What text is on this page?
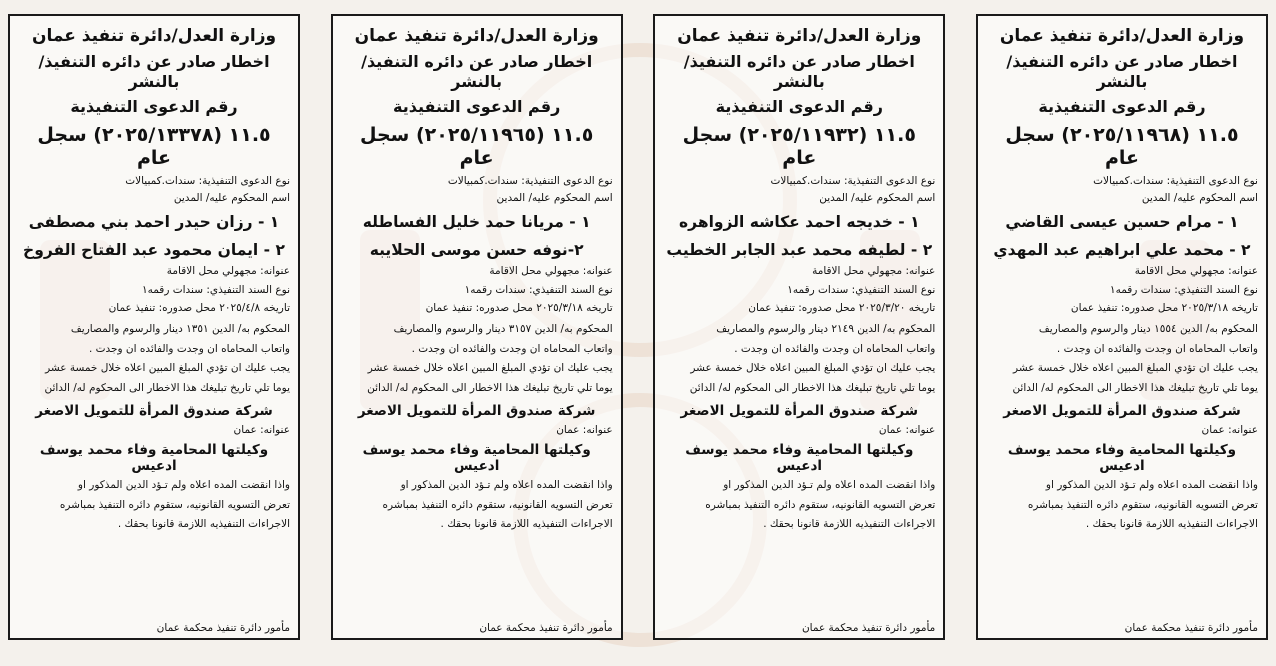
وزارة العدل/دائرة تنفيذ عمان
اخطار صادر عن دائره التنفيذ/ بالنشر
رقم الدعوى التنفيذية
١١.٥ (٢٠٢٥/١١٩٦٨) سجل عام
نوع الدعوى التنفيذية: سندات.كمبيالات
اسم المحكوم عليه/ المدين
١ - مرام حسين عيسى القاضي
٢ - محمد علي ابراهيم عبد المهدي
عنوانه: مجهولي محل الاقامة
نوع السند التنفيذي: سندات رقمه١
تاريخه ٢٠٢٥/٣/١٨ محل صدوره: تنفيذ عمان
المحكوم به/ الدين ١٥٥٤ دينار والرسوم والمصاريف
واتعاب المحاماه ان وجدت والفائده ان وجدت .
يجب عليك ان تؤدي المبلغ المبين اعلاه خلال خمسة عشر
يوما تلي تاريخ تبليغك هذا الاخطار الى المحكوم له/ الدائن
شركة صندوق المرأة للتمويل الاصغر
عنوانه: عمان
وكيلتها المحامية وفاء محمد يوسف ادعيس
واذا انقضت المده اعلاه ولم تـؤد الدين المذكور او
تعرض التسويه القانونيه، ستقوم دائره التنفيذ بمباشره
الاجراءات التنفيذيه اللازمة قانونا بحقك .
مأمور دائرة تنفيذ محكمة عمان
وزارة العدل/دائرة تنفيذ عمان
اخطار صادر عن دائره التنفيذ/ بالنشر
رقم الدعوى التنفيذية
١١.٥ (٢٠٢٥/١١٩٣٢) سجل عام
نوع الدعوى التنفيذية: سندات.كمبيالات
اسم المحكوم عليه/ المدين
١ - خديجه احمد عكاشه الزواهره
٢ - لطيفه محمد عبد الجابر الخطيب
عنوانه: مجهولي محل الاقامة
نوع السند التنفيذي: سندات رقمه١
تاريخه ٢٠٢٥/٣/٢٠ محل صدوره: تنفيذ عمان
المحكوم به/ الدين ٢١٤٩ دينار والرسوم والمصاريف
واتعاب المحاماه ان وجدت والفائده ان وجدت .
يجب عليك ان تؤدي المبلغ المبين اعلاه خلال خمسة عشر
يوما تلي تاريخ تبليغك هذا الاخطار الى المحكوم له/ الدائن
شركة صندوق المرأة للتمويل الاصغر
عنوانه: عمان
وكيلتها المحامية وفاء محمد يوسف ادعيس
واذا انقضت المده اعلاه ولم تـؤد الدين المذكور او
تعرض التسويه القانونيه، ستقوم دائره التنفيذ بمباشره
الاجراءات التنفيذيه اللازمة قانونا بحقك .
مأمور دائرة تنفيذ محكمة عمان
وزارة العدل/دائرة تنفيذ عمان
اخطار صادر عن دائره التنفيذ/ بالنشر
رقم الدعوى التنفيذية
١١.٥ (٢٠٢٥/١١٩٦٥) سجل عام
نوع الدعوى التنفيذية: سندات.كمبيالات
اسم المحكوم عليه/ المدين
١ - مريانا حمد خليل الفساطله
٢-نوفه حسن موسى الحلايبه
عنوانه: مجهولي محل الاقامة
نوع السند التنفيذي: سندات رقمه١
تاريخه ٢٠٢٥/٣/١٨ محل صدوره: تنفيذ عمان
المحكوم به/ الدين ٣١٥٧ دينار والرسوم والمصاريف
واتعاب المحاماه ان وجدت والفائده ان وجدت .
يجب عليك ان تؤدي المبلغ المبين اعلاه خلال خمسة عشر
يوما تلي تاريخ تبليغك هذا الاخطار الى المحكوم له/ الدائن
شركة صندوق المرأة للتمويل الاصغر
عنوانه: عمان
وكيلتها المحامية وفاء محمد يوسف ادعيس
واذا انقضت المده اعلاه ولم تـؤد الدين المذكور او
تعرض التسويه القانونيه، ستقوم دائره التنفيذ بمباشره
الاجراءات التنفيذيه اللازمة قانونا بحقك .
مأمور دائرة تنفيذ محكمة عمان
وزارة العدل/دائرة تنفيذ عمان
اخطار صادر عن دائره التنفيذ/ بالنشر
رقم الدعوى التنفيذية
١١.٥ (٢٠٢٥/١٣٣٧٨) سجل عام
نوع الدعوى التنفيذية: سندات.كمبيالات
اسم المحكوم عليه/ المدين
١ - رزان حيدر احمد بني مصطفى
٢ - ايمان محمود عبد الفتاح الفروخ
عنوانه: مجهولي محل الاقامة
نوع السند التنفيذي: سندات رقمه١
تاريخه ٢٠٢٥/٤/٨ محل صدوره: تنفيذ عمان
المحكوم به/ الدين ١٣٥١ دينار والرسوم والمصاريف
واتعاب المحاماه ان وجدت والفائده ان وجدت .
يجب عليك ان تؤدي المبلغ المبين اعلاه خلال خمسة عشر
يوما تلي تاريخ تبليغك هذا الاخطار الى المحكوم له/ الدائن
شركة صندوق المرأة للتمويل الاصغر
عنوانه: عمان
وكيلتها المحامية وفاء محمد يوسف ادعيس
واذا انقضت المده اعلاه ولم تـؤد الدين المذكور او
تعرض التسويه القانونيه، ستقوم دائره التنفيذ بمباشره
الاجراءات التنفيذيه اللازمة قانونا بحقك .
مأمور دائرة تنفيذ محكمة عمان
